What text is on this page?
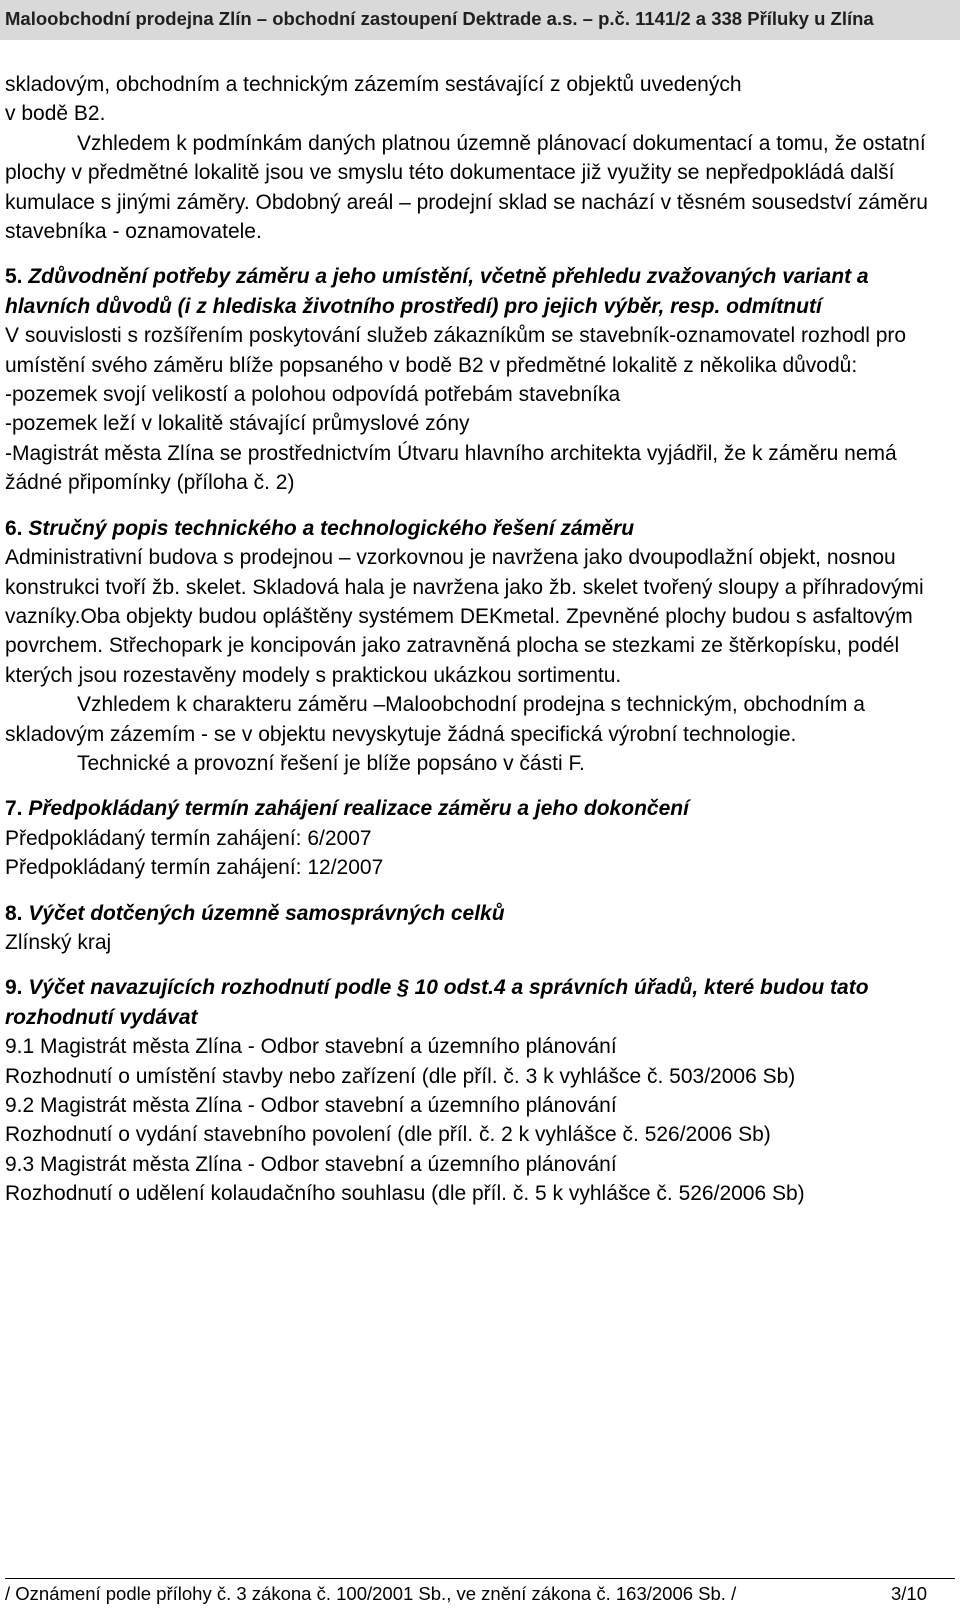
Maloobchodní prodejna Zlín – obchodní zastoupení Dektrade a.s. – p.č. 1141/2 a 338 Příluky u Zlína

skladovým, obchodním a technickým zázemím sestávající z objektů uvedených

v bodě B2.

Vzhledem k podmínkám daných platnou územně plánovací dokumentací a tomu, že ostatní plochy v předmětné lokalitě jsou ve smyslu této dokumentace již využity se nepředpokládá další kumulace s jinými záměry. Obdobný areál – prodejní sklad se nachází v těsném sousedství záměru stavebníka - oznamovatele.

5. Zdůvodnění potřeby záměru a jeho umístění, včetně přehledu zvažovaných variant a hlavních důvodů (i z hlediska životního prostředí) pro jejich výběr, resp. odmítnutí

V souvislosti s rozšířením poskytování služeb zákazníkům se stavebník-oznamovatel rozhodl pro umístění svého záměru blíže popsaného v bodě B2 v předmětné lokalitě z několika důvodů:

-pozemek svojí velikostí a polohou odpovídá potřebám stavebníka

-pozemek leží v lokalitě stávající průmyslové zóny

-Magistrát města Zlína se prostřednictvím Útvaru hlavního architekta vyjádřil, že k záměru nemá žádné připomínky (příloha č. 2)

6. Stručný popis technického a technologického řešení záměru

Administrativní budova s prodejnou – vzorkovnou je navržena jako dvoupodlažní objekt, nosnou konstrukci tvoří žb. skelet. Skladová hala je navržena jako žb. skelet tvořený sloupy a příhradovými vazníky.Oba objekty budou opláštěny systémem DEKmetal. Zpevněné plochy budou s asfaltovým povrchem. Střechopark je koncipován jako zatravněná plocha se stezkami ze štěrkopísku, podél kterých jsou rozestavěny modely s praktickou ukázkou sortimentu.

Vzhledem k charakteru záměru –Maloobchodní prodejna s technickým, obchodním a skladovým zázemím - se v objektu nevyskytuje žádná specifická výrobní technologie.

Technické a provozní řešení je blíže popsáno v části F.

7. Předpokládaný termín zahájení realizace záměru a jeho dokončení

Předpokládaný termín zahájení: 6/2007

Předpokládaný termín zahájení: 12/2007

8. Výčet dotčených územně samosprávných celků

Zlínský kraj

9. Výčet navazujících rozhodnutí podle § 10 odst.4 a správních úřadů, které budou tato rozhodnutí vydávat

9.1 Magistrát města Zlína - Odbor stavební a územního plánování

Rozhodnutí o umístění stavby nebo zařízení (dle příl. č. 3 k vyhlášce č. 503/2006 Sb)

9.2 Magistrát města Zlína - Odbor stavební a územního plánování

Rozhodnutí o vydání stavebního povolení (dle příl. č. 2 k vyhlášce č. 526/2006 Sb)

9.3 Magistrát města Zlína - Odbor stavební a územního plánování

Rozhodnutí o udělení kolaudačního souhlasu (dle příl. č. 5 k vyhlášce č. 526/2006 Sb)

/ Oznámení podle přílohy č. 3 zákona č. 100/2001 Sb., ve znění zákona č. 163/2006 Sb. /	3/10
